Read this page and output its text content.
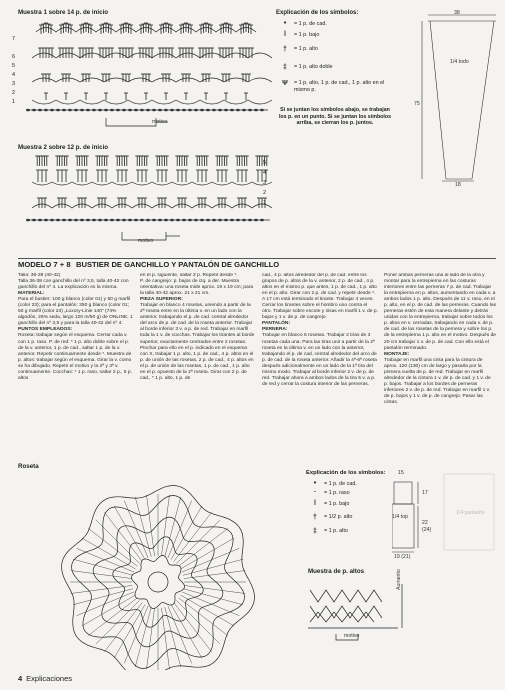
Muestra 1 sobre 14 p. de inicio
6
5
4
3
2
1
7
motivo
Muestra 2 sobre 12 p. de inicio
5
4
3
2
1
motivo
Explicación de los símbolos:
•	= 1 p. de cad.
ǀ	= 1 p. bajo
†	= 1 p. alto
‡	= 1 p. alto doble
Ψ	= 1 p. alto, 1 p. de cad., 1 p. alto en el mismo p.
Si se juntan los símbolos abajo, se trabajan los p. en un punto. Si se juntan los símbolos arriba, se cierran los p. juntos.
38
1/4 todo
75
18
MODELO 7 + 8 BUSTIER DE GANCHILLO Y PANTALÓN DE GANCHILLO

Talla: 36-38 (40-42)

Talla 36-38 con ganchillo del nº 3,5, talla 40-42 con ganchillo del nº 4. La explicación es la misma.

MATERIAL:

Para el bustier: 100 g blanco (color 01) y 50 g marfil (color 23); para el pantalón: 350 g blanco (color 01; 50 g marfil (color 23) „Luxory-Linie 140“ (74% algodón, 26% seda, largo 120 m/50 g) de ONLINE, 1 ganchillo del nº 3,5 y para la talla 40-42 del nº 4.

PUNTOS EMPLEADOS:

Roseta: trabajar según el esquema. Cerrar cada v. con 1 p. raso. P. de red: * 1 p. alto doble sobre el p. de la v. anterior, 1 p. de cad., saltar 1 p. de la v. anterior. Repetir continuamente desde *. Muestra de p. altos: trabajar según el esquema. Girar la v. como se ha dibujado. Repetir el motivo y la 2ª y 3ª v. continuamente. Cocchas: * 1 p. raso, saltar 2 p., 5 p. altos

en el p. siguiente, saltar 2 p. Repetir desde *.

P. de cangrejo: p. bajos de izq. a der. Muestra orientativa: una roseta mide aprox. 19 x 19 cm; para la talla 40-42 aprox. 21 x 21 cm.

PIEZA SUPERIOR:

Trabajar en blanco 4 rosetas, uniendo a partir de la 2ª roseta entre en la última v. en un lado con la anterior, trabajando el p. de cad. central alrededor del arco de p. de cad. de la roseta anterior. Trabajar al borde inferior 3 v. a p. de red. Trabajar en marfil toda la 1 v. de cocchas. Trabajar los tirantes al borde superior, exactamente centrados entre 2 rosetas. Pinchar para ello en el p. indicado en el esquema con X, trabajar 1 p. alto, 1 p. de cad., 4 p. altos en el p. de unión de las rosetas, 2 p. de cad., 4 p. altos en el p. de unión de las rosetas, 1 p. de cad., 1 p. alto en el p. opuesto de la 2ª roseta. Girar con 2 p. de cad., * 1 p. alto, 1 p. de

cad., 4 p. altos alrededor del p. de cad. entre los grupos de p. altos de la v. anterior, 2 p. de cad., 4 p. altos en el mismo p. que antes, 1 p. de cad., 1 p. alto en el p. alto. Girar con 2 p. de cad. y repetir desde *. A 17 cm está terminado el tirante. Trabajar 4 veces. Cerrar los tirantes sobre el hombro uno contra el otro. Trabajar sobre escote y sisas en marfil 1 v. de p. bajos y 1 v. de p. de cangrejo.

PANTALÓN:

PERNERA:

Trabajar en blanco 6 rosetas. Trabajar 2 tiras de 3 rosetas cada una. Para las tiras unir a partir de la 2ª roseta en la última v. en un lado con la anterior, trabajando el p. de cad. central alrededor del arco de p. de cad. de la roseta anterior. Añadir la 4ª-6ª roseta después adicionalmente en un lado de la 1ª tira del mismo modo. Trabajar al borde inferior 2 v. de p. de red. Trabajar ahora a ambos lados de la tira 5 v. a p. de red y cerrar la costura interior de las perneras.

Poner ambas perneras una al lado de la otra y montar para la entrepierna en las costuras interiores entre las perneras 7 p. de cad. Trabajar la entrepierna en p. altos, aumentando en cada v. a ambos lados 1 p. alto. Después de 11 v. raso, en el p. alto, en el p. de cad. de las perneras. Cuando las perneras estén de esta manera delante y detrás unidas con la entrepierna, trabajar sobre todos los p. altos en v. cerradas, trabajando en cada v. de p. de cad. de las rosetas de la pernera y sobre los p. de la entrepierna 1 p. alto en el motivo. Después de 20 cm trabajar 1 v. de p. de cad. Con ello está el pantalón terminado.

MONTAJE:

Trabajar en marfil una cinta para la cintura de aprox. 120 (130) cm de largo y pasarla por la primera vuelta de p. de red. Trabajar en marfil alrededor de la cintura 1 v. de p. de cad. y 1 v. de p. bajos. Trabajar a los bordes de perneras inferiores 2 v. de p. de red. Trabajar en marfil 1 v. de p. bajos y 1 v. de p. de cangrejo. Pasar las cintas.

Roseta
Explicación de los símbolos:
•	= 1 p. de cad.
·	= 1 p. raso
ǀ	= 1 p. bajo
†	= 1/2 p. alto
‡	= 1 p. alto
Muestra de p. altos
motivo
Aumento
15
1/4 top
17
22
(24)
19 (21)
1/4 pantalón
4 Explicaciones
